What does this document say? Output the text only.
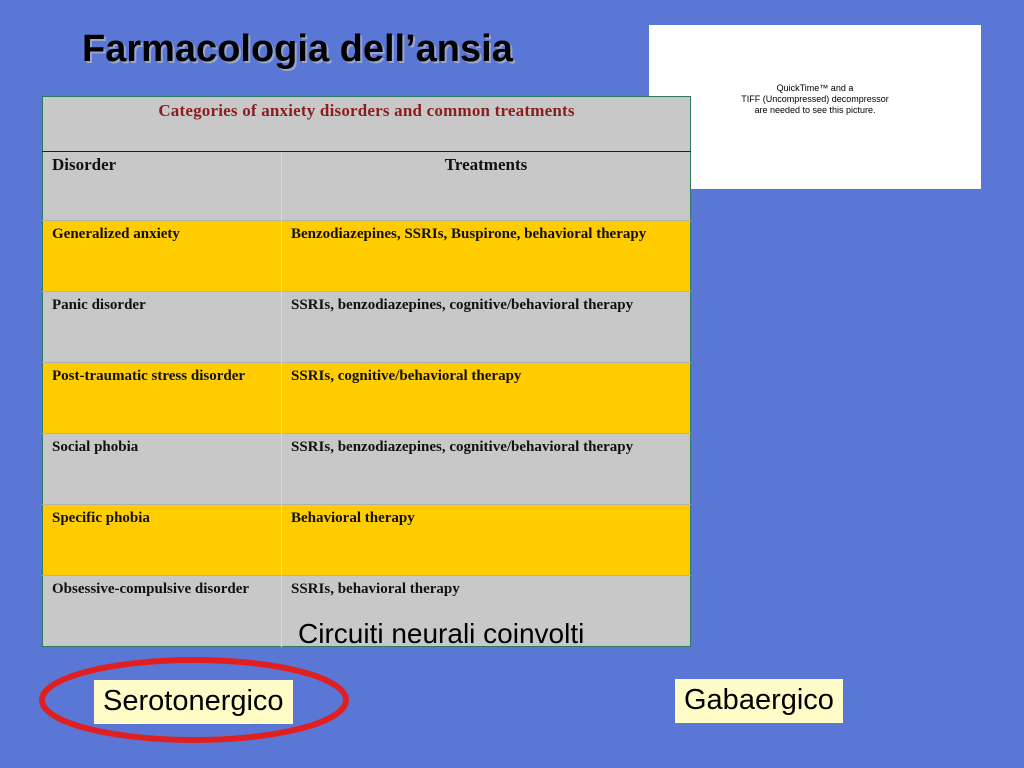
Farmacologia dell’ansia
QuickTime™ and a
TIFF (Uncompressed) decompressor
are needed to see this picture.
Categories of anxiety disorders and common treatments	
Disorder	Treatments
Generalized anxiety	Benzodiazepines, SSRIs, Buspirone, behavioral therapy
Panic disorder	SSRIs, benzodiazepines, cognitive/behavioral therapy
Post-traumatic stress disorder	SSRIs, cognitive/behavioral therapy
Social phobia	SSRIs, benzodiazepines, cognitive/behavioral therapy
Specific phobia	Behavioral therapy
Obsessive-compulsive disorder	SSRIs, behavioral therapy
Circuiti neurali coinvolti
Serotonergico	Gabaergico
